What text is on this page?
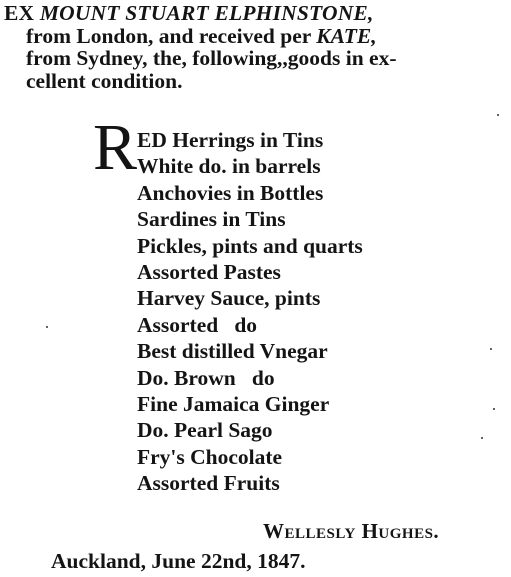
EX MOUNT STUART ELPHINSTONE,
from London, and received per KATE,
from Sydney, the, following,,goods in ex-
cellent condition.
R ED Herrings in Tins
White do. in barrels
Anchovies in Bottles
Sardines in Tins
Pickles, pints and quarts
Assorted Pastes
Harvey Sauce, pints
Assorted   do
Best distilled Vnegar
Do. Brown   do
Fine Jamaica Ginger
Do. Pearl Sago
Fry's Chocolate
Assorted Fruits
Wellesly Hughes.
Auckland, June 22nd, 1847.
